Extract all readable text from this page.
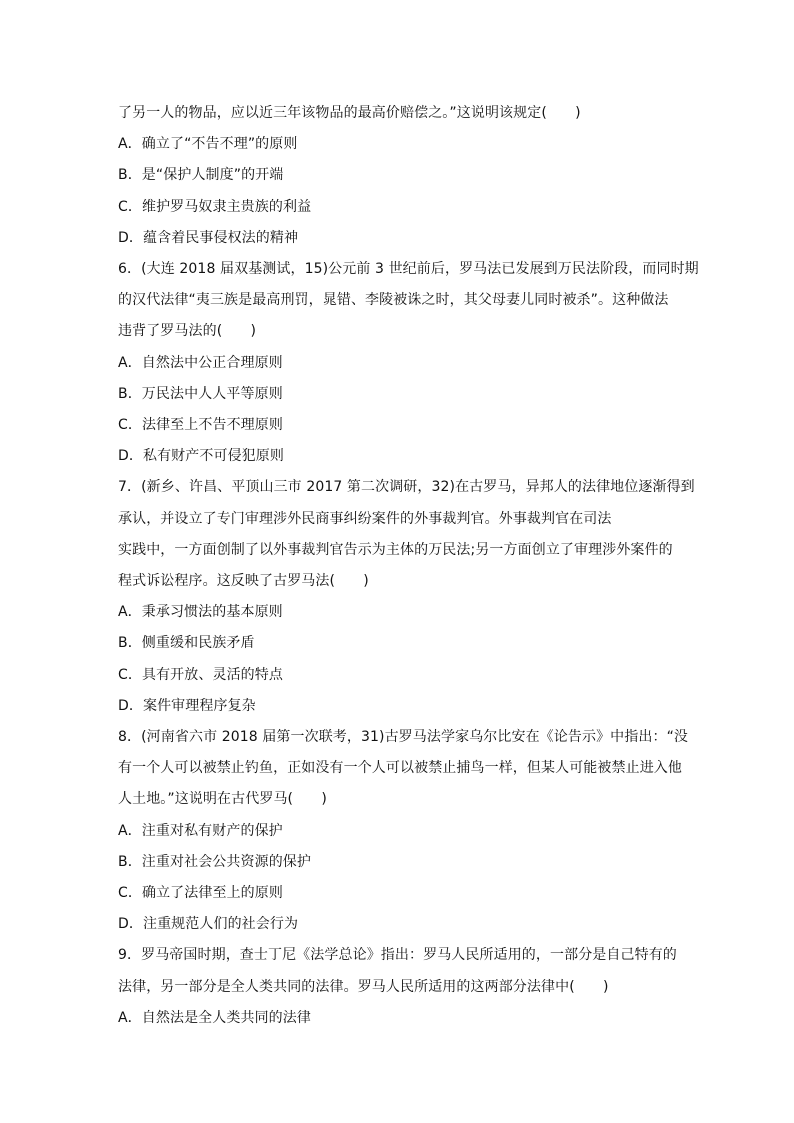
了另一人的物品，应以近三年该物品的最高价赔偿之。”这说明该规定(　　)
A．确立了“不告不理”的原则
B．是“保护人制度”的开端
C．维护罗马奴隶主贵族的利益
D．蕴含着民事侵权法的精神
6．(大连 2018 届双基测试，15)公元前 3 世纪前后，罗马法已发展到万民法阶段，而同时期
的汉代法律“夷三族是最高刑罚，晁错、李陵被诛之时，其父母妻儿同时被杀”。这种做法
违背了罗马法的(　　)
A．自然法中公正合理原则
B．万民法中人人平等原则
C．法律至上不告不理原则
D．私有财产不可侵犯原则
7．(新乡、许昌、平顶山三市 2017 第二次调研，32)在古罗马，异邦人的法律地位逐渐得到
承认，并设立了专门审理涉外民商事纠纷案件的外事裁判官。外事裁判官在司法
实践中，一方面创制了以外事裁判官告示为主体的万民法;另一方面创立了审理涉外案件的
程式诉讼程序。这反映了古罗马法(　　)
A．秉承习惯法的基本原则
B．侧重缓和民族矛盾
C．具有开放、灵活的特点
D．案件审理程序复杂
8．(河南省六市 2018 届第一次联考，31)古罗马法学家乌尔比安在《论告示》中指出：“没
有一个人可以被禁止钓鱼，正如没有一个人可以被禁止捕鸟一样，但某人可能被禁止进入他
人土地。”这说明在古代罗马(　　)
A．注重对私有财产的保护
B．注重对社会公共资源的保护
C．确立了法律至上的原则
D．注重规范人们的社会行为
9．罗马帝国时期，查士丁尼《法学总论》指出：罗马人民所适用的，一部分是自己特有的
法律，另一部分是全人类共同的法律。罗马人民所适用的这两部分法律中(　　)
A．自然法是全人类共同的法律
